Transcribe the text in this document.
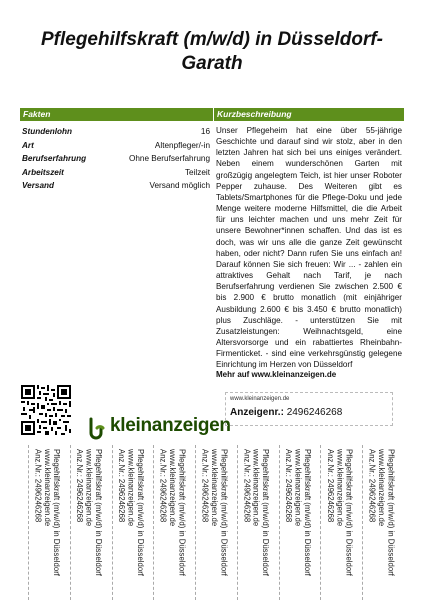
Pflegehilfskraft (m/w/d) in Düsseldorf-Garath
Fakten	Kurzbeschreibung
Stundenlohn	16
Art	Altenpfleger/-in
Berufserfahrung	Ohne Berufserfahrung
Arbeitszeit	Teilzeit
Versand	Versand möglich
Unser Pflegeheim hat eine über 55-jährige Geschichte und darauf sind wir stolz, aber in den letzten Jahren hat sich bei uns einiges verändert. Neben einem wunderschönen Garten mit großzügig angelegtem Teich, ist hier unser Roboter Pepper zuhause. Des Weiteren gibt es Tablets/Smartphones für die Pflege-Doku und jede Menge weitere moderne Hilfsmittel, die die Arbeit für uns leichter machen und uns mehr Zeit für unsere Bewohner*innen schaffen. Und das ist es doch, was wir uns alle die ganze Zeit gewünscht haben, oder nicht? Dann rufen Sie uns einfach an! Darauf können Sie sich freuen: Wir ... - zahlen ein attraktives Gehalt nach Tarif, je nach Berufserfahrung verdienen Sie zwischen 2.500 € bis 2.900 € brutto monatlich (mit einjähriger Ausbildung 2.600 € bis 3.450 € brutto monatlich) plus Zuschläge. - unterstützen Sie mit Zusatzleistungen: Weihnachtsgeld, eine Altersvorsorge und ein rabattiertes Rheinbahn-Firmenticket. - sind eine verkehrsgünstig gelegene Einrichtung im Herzen von Düsseldorf
Mehr auf www.kleinanzeigen.de
kleinanzeigen
www.kleinanzeigen.de
Anzeigenr.: 2496246268
Pflegehilfskraft (m/w/d) in Düsseldorf
www.kleinanzeigen.de
Anz.Nr.: 2496246268	Pflegehilfskraft (m/w/d) in Düsseldorf
www.kleinanzeigen.de
Anz.Nr.: 2496246268	Pflegehilfskraft (m/w/d) in Düsseldorf
www.kleinanzeigen.de
Anz.Nr.: 2496246268	Pflegehilfskraft (m/w/d) in Düsseldorf
www.kleinanzeigen.de
Anz.Nr.: 2496246268	Pflegehilfskraft (m/w/d) in Düsseldorf
www.kleinanzeigen.de
Anz.Nr.: 2496246268	Pflegehilfskraft (m/w/d) in Düsseldorf
www.kleinanzeigen.de
Anz.Nr.: 2496246268	Pflegehilfskraft (m/w/d) in Düsseldorf
www.kleinanzeigen.de
Anz.Nr.: 2496246268	Pflegehilfskraft (m/w/d) in Düsseldorf
www.kleinanzeigen.de
Anz.Nr.: 2496246268	Pflegehilfskraft (m/w/d) in Düsseldorf
www.kleinanzeigen.de
Anz.Nr.: 2496246268
